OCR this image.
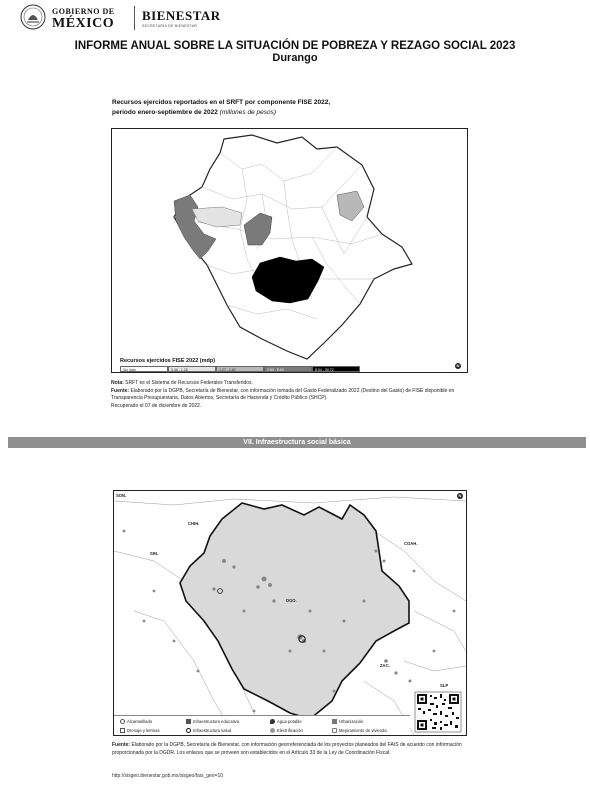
GOBIERNO DE
MÉXICO
BIENESTAR
SECRETARÍA DE BIENESTAR
INFORME ANUAL SOBRE LA SITUACIÓN DE POBREZA Y REZAGO SOCIAL 2023
Durango
Recursos ejercidos reportados en el SRFT por componente FISE 2022,
periodo enero-septiembre de 2022 (millones de pesos)
Recursos ejercidos FISE 2022 (mdp)
Sin dato	0.46 - 1.26	1.27 - 2.82	2.83 - 8.03	8.04 - 30.72
N
Nota: SRFT es el Sistema de Recursos Federales Transferidos.
Fuente: Elaborado por la DGPB, Secretaría de Bienestar, con información tomada del Gasto Federalizado 2022 (Destino del Gasto) de FISE disponible en Transparencia Presupuestaria, Datos Abiertos, Secretaría de Hacienda y Crédito Público (SHCP).
Recuperado el 07 de diciembre de 2022.
VII. Infraestructura social básica
SON.
CHIH.
SIN.
COAH.
DGO.
ZAC.
SLP
N
Alcantarillado	Infraestructura educativa	Agua potable	Urbanización
Drenaje y letrinas	Infraestructura salud	Electrificación	Mejoramiento de vivienda
Fuente: Elaborado por la DGPB, Secretaría de Bienestar, con información georreferenciada de los proyectos planeados del FAIS de acuerdo con información proporcionada por la DGDR. Los enlaces que se proveen son establecidos en el Artículo 33 de la Ley de Coordinación Fiscal.
http://sisgeo.bienestar.gob.mx/sisgeo/fais_geo=10
